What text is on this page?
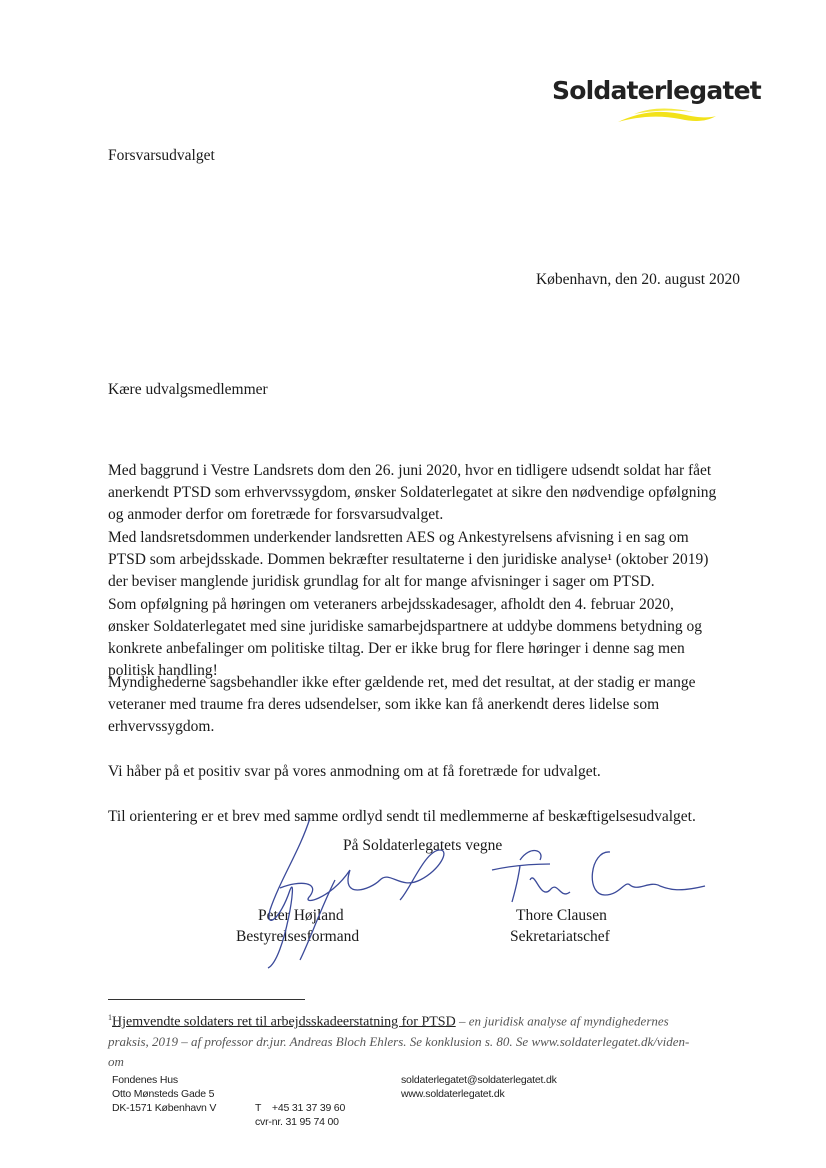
Soldaterlegatet
Forsvarsudvalget
København, den 20. august 2020
Kære udvalgsmedlemmer
Med baggrund i Vestre Landsrets dom den 26. juni 2020, hvor en tidligere udsendt soldat har fået
anerkendt PTSD som erhvervssygdom, ønsker Soldaterlegatet at sikre den nødvendige opfølgning
og anmoder derfor om foretræde for forsvarsudvalget.
Med landsretsdommen underkender landsretten AES og Ankestyrelsens afvisning i en sag om
PTSD som arbejdsskade. Dommen bekræfter resultaterne i den juridiske analyse¹ (oktober 2019)
der beviser manglende juridisk grundlag for alt for mange afvisninger i sager om PTSD.
Som opfølgning på høringen om veteraners arbejdsskadesager, afholdt den 4. februar 2020,
ønsker Soldaterlegatet med sine juridiske samarbejdspartnere at uddybe dommens betydning og
konkrete anbefalinger om politiske tiltag. Der er ikke brug for flere høringer i denne sag men
politisk handling!
Myndighederne sagsbehandler ikke efter gældende ret, med det resultat, at der stadig er mange
veteraner med traume fra deres udsendelser, som ikke kan få anerkendt deres lidelse som
erhvervssygdom.
Vi håber på et positiv svar på vores anmodning om at få foretræde for udvalget.
Til orientering er et brev med samme ordlyd sendt til medlemmerne af beskæftigelsesudvalget.
På Soldaterlegatets vegne
Peter Højland
Bestyrelsesformand
Thore Clausen
Sekretariatschef
$^1$Hjemvendte soldaters ret til arbejdsskadeerstatning for PTSD – en juridisk analyse af myndighedernes
praksis, 2019 – af professor dr.jur. Andreas Bloch Ehlers. Se konklusion s. 80. Se www.soldaterlegatet.dk/viden-
om
Fondenes Hus
Otto Mønsteds Gade 5
DK-1571 København V

	T    +45 31 37 39 60
cvr-nr. 31 95 74 00

soldaterlegatet@soldaterlegatet.dk
www.soldaterlegatet.dk
